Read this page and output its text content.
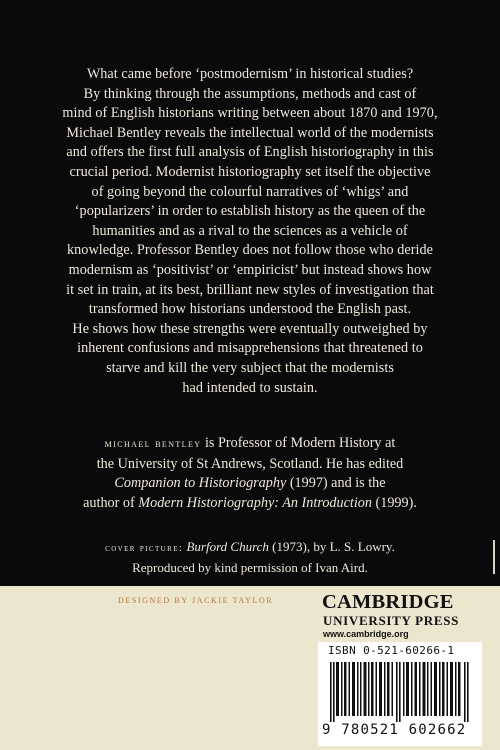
What came before ‘postmodernism’ in historical studies?
By thinking through the assumptions, methods and cast of
mind of English historians writing between about 1870 and 1970,
Michael Bentley reveals the intellectual world of the modernists
and offers the first full analysis of English historiography in this
crucial period. Modernist historiography set itself the objective
of going beyond the colourful narratives of ‘whigs’ and
‘popularizers’ in order to establish history as the queen of the
humanities and as a rival to the sciences as a vehicle of
knowledge. Professor Bentley does not follow those who deride
modernism as ‘positivist’ or ‘empiricist’ but instead shows how
it set in train, at its best, brilliant new styles of investigation that
transformed how historians understood the English past.
He shows how these strengths were eventually outweighed by
inherent confusions and misapprehensions that threatened to
starve and kill the very subject that the modernists
had intended to sustain.
michael bentley is Professor of Modern History at
the University of St Andrews, Scotland. He has edited
Companion to Historiography (1997) and is the
author of Modern Historiography: An Introduction (1999).
cover picture: Burford Church (1973), by L. S. Lowry.
Reproduced by kind permission of Ivan Aird.
DESIGNED BY JACKIE TAYLOR CAMBRIDGE
UNIVERSITY PRESS
www.cambridge.org
ISBN 0-521-60266-1
9 780521 602662
